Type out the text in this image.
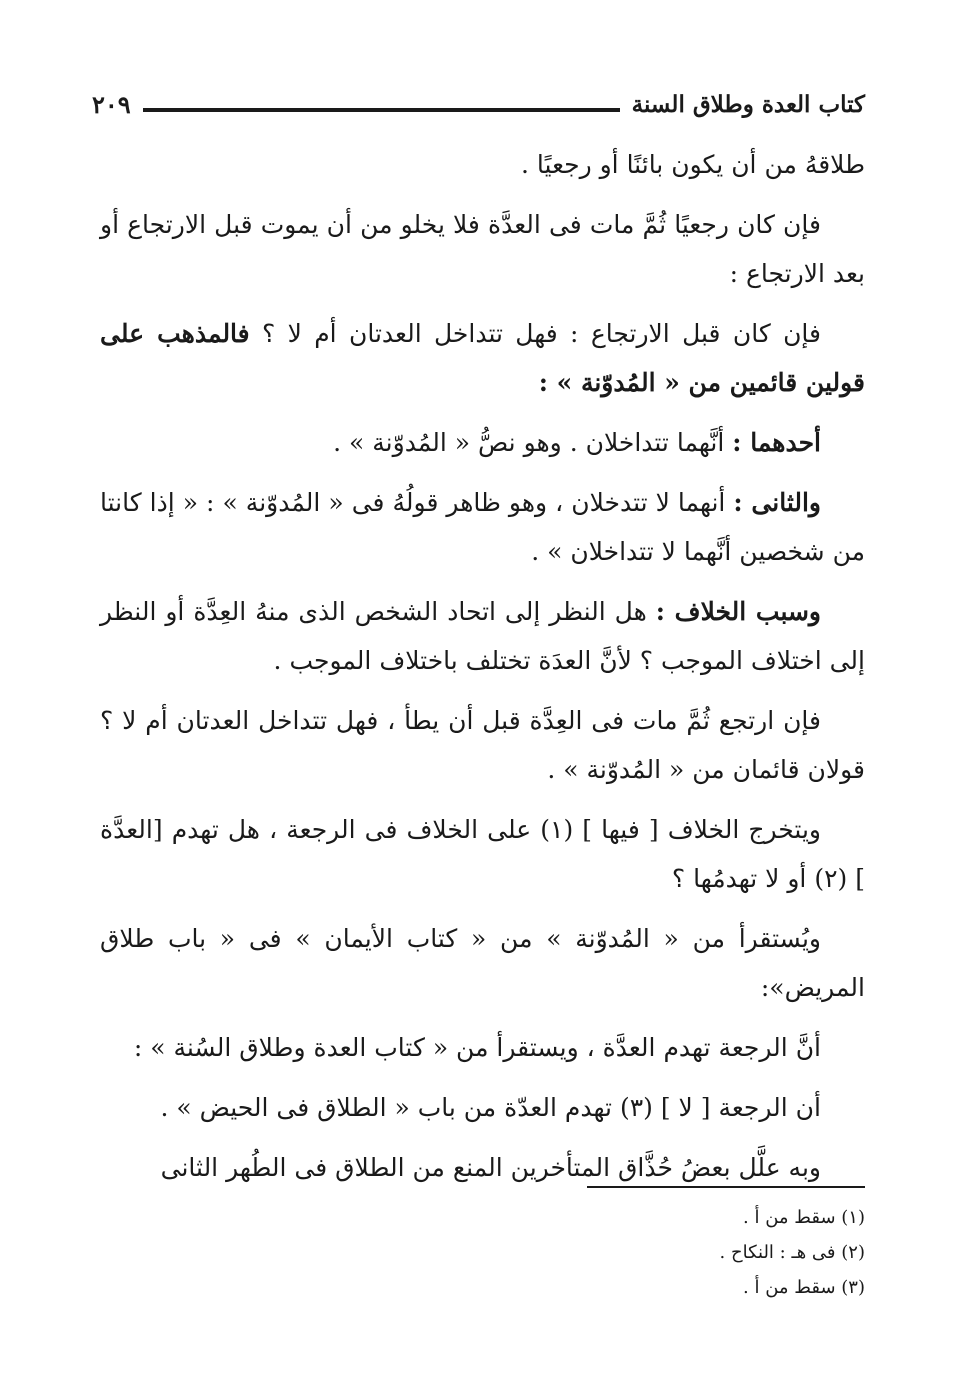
كتاب العدة وطلاق السنة
٢٠٩

طلاقهُ من أن يكون بائنًا أو رجعيًا .

فإن كان رجعيًا ثُمَّ مات فى العدَّة فلا يخلو من أن يموت قبل الارتجاع أو بعد الارتجاع :

فإن كان قبل الارتجاع : فهل تتداخل العدتان أم لا ؟ فالمذهب على قولين قائمين من « المُدوّنة » :

أحدهما : أنَّهما تتداخلان . وهو نصُّ « المُدوّنة » .

والثانى : أنهما لا تتدخلان ، وهو ظاهر قولُهُ فى « المُدوّنة » : « إذا كانتا من شخصين أنَّهما لا تتداخلان » .

وسبب الخلاف : هل النظر إلى اتحاد الشخص الذى منهُ العِدَّة أو النظر إلى اختلاف الموجب ؟ لأنَّ العدَة تختلف باختلاف الموجب .

فإن ارتجع ثُمَّ مات فى العِدَّة قبل أن يطأ ، فهل تتداخل العدتان أم لا ؟ قولان قائمان من « المُدوّنة » .

ويتخرج الخلاف [ فيها ] (١) على الخلاف فى الرجعة ، هل تهدم [العدَّة ] (٢) أو لا تهدمُها ؟

ويُستقرأ من « المُدوّنة » من « كتاب الأيمان » فى « باب طلاق المريض»:

أنَّ الرجعة تهدم العدَّة ، ويستقرأ من « كتاب العدة وطلاق السُنة » :

أن الرجعة [ لا ] (٣) تهدم العدّة من باب « الطلاق فى الحيض » .

وبه علَّل بعضُ حُذَّاق المتأخرين المنع من الطلاق فى الطُهر الثانى

(١) سقط من أ .
(٢) فى هـ : النكاح .
(٣) سقط من أ .
